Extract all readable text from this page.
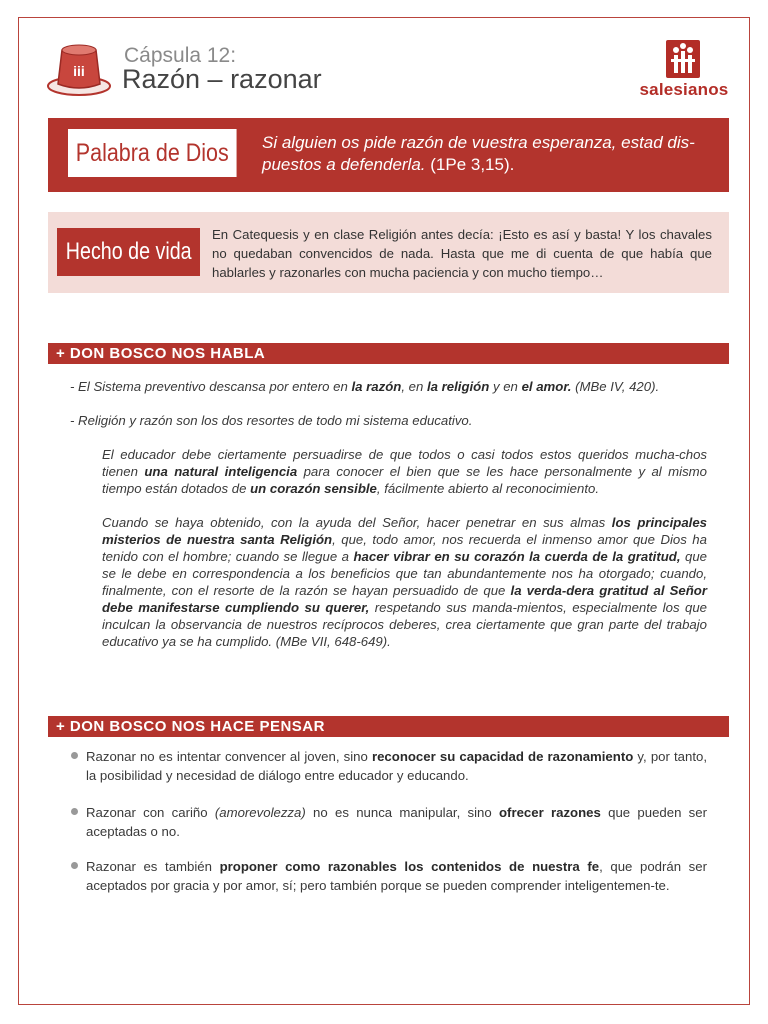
iii
Cápsula 12:
Razón – razonar	salesianos
Palabra de Dios	Si alguien os pide razón de vuestra esperanza, estad dis-puestos a defenderla. (1Pe 3,15).
Hecho de vida
En Catequesis y en clase Religión antes decía: ¡Esto es así y basta! Y los chavales no quedaban convencidos de nada. Hasta que me di cuenta de que había que hablarles y razonarles con mucha paciencia y con mucho tiempo…
+ DON BOSCO NOS HABLA
- El Sistema preventivo descansa por entero en la razón, en la religión y en el amor. (MBe IV, 420).
- Religión y razón son los dos resortes de todo mi sistema educativo.
El educador debe ciertamente persuadirse de que todos o casi todos estos queridos mucha-chos tienen una natural inteligencia para conocer el bien que se les hace personalmente y al mismo tiempo están dotados de un corazón sensible, fácilmente abierto al reconocimiento.
Cuando se haya obtenido, con la ayuda del Señor, hacer penetrar en sus almas los principales misterios de nuestra santa Religión, que, todo amor, nos recuerda el inmenso amor que Dios ha tenido con el hombre; cuando se llegue a hacer vibrar en su corazón la cuerda de la gratitud, que se le debe en correspondencia a los beneficios que tan abundantemente nos ha otorgado; cuando, finalmente, con el resorte de la razón se hayan persuadido de que la verda-dera gratitud al Señor debe manifestarse cumpliendo su querer, respetando sus manda-mientos, especialmente los que inculcan la observancia de nuestros recíprocos deberes, crea ciertamente que gran parte del trabajo educativo ya se ha cumplido. (MBe VII, 648-649).
+ DON BOSCO NOS HACE PENSAR
Razonar no es intentar convencer al joven, sino reconocer su capacidad de razonamiento y, por tanto, la posibilidad y necesidad de diálogo entre educador y educando.
Razonar con cariño (amorevolezza) no es nunca manipular, sino ofrecer razones que pueden ser aceptadas o no.
Razonar es también proponer como razonables los contenidos de nuestra fe, que podrán ser aceptados por gracia y por amor, sí; pero también porque se pueden comprender inteligentemen-te.
